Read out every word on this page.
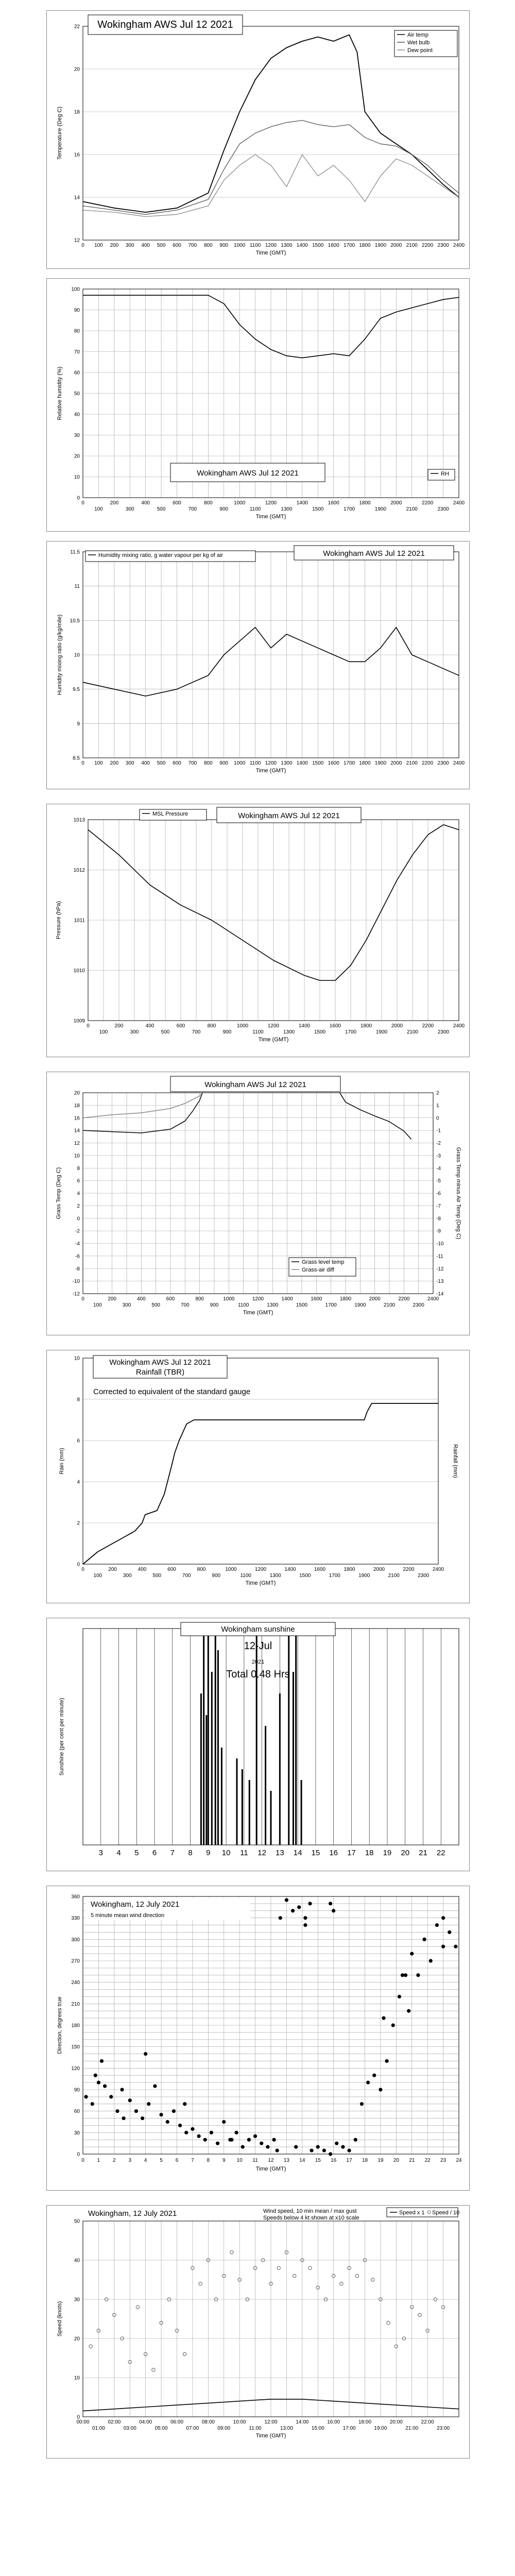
12
14
16
18
20
22
0 100 200 300 400 500 600 700 800 900 1000 1100 1200 1300 1400 1500 1600 1700 1800 1900 2000 2100 2200 2300 2400
Time (GMT)
Temperature (Deg C)
Wokingham AWS Jul 12 2021
Air temp
Wet bulb
Dew point
0
10
20
30
40
50
60
70
80
90
100
0	200	400	600	800	1000	1200	1400	1600	1800	2000	2200	2400
100	300	500	700	900	1100	1300	1500	1700	1900	2100	2300
Time (GMT)
Relative humidity (%)
Wokingham AWS Jul 12 2021	RH
8.5
9
9.5
10
10.5
11
11.5
0 100 200 300 400 500 600 700 800 900 1000 1100 1200 1300 1400 1500 1600 1700 1800 1900 2000 2100 2200 2300 2400
Time (GMT)
Humidity mixing ratio (g/kg/mile)
Humidity mixing ratio, g water vapour per kg of air	Wokingham AWS Jul 12 2021
1009
1010
1011
1012
1013
0	200	400	600	800	1000	1200	1400	1600	1800	2000	2200	2400
100	300	500	700	900	1100	1300	1500	1700	1900	2100	2300
Time (GMT)
Pressure (hPa)
MSL Pressure	Wokingham AWS Jul 12 2021
-12
-10
-8
-6
-4
-2
0
2
4
6
8
10
12
14
16
18
20
-14
-13
-12
-11
-10
-9
-8
-7
-6
-5
-4
-3
-2
-1
0
1
2
0	200	400	600	800	1000	1200	1400	1600	1800	2000	2200	2400
100	300	500	700	900	1100	1300	1500	1700	1900	2100	2300
Time (GMT)
Grass Temp (Deg C)	Grass Temp minus Air Temp (Deg C)
Wokingham AWS Jul 12 2021
Grass level temp
Grass-air diff
0
2
4
6
8
10
0	200	400	600	800	1000	1200	1400	1600	1800	2000	2200	2400
100	300	500	700	900	1100	1300	1500	1700	1900	2100	2300
Time (GMT)
Rain (mm)	Rainfall (mm)
Wokingham AWS Jul 12 2021
Rainfall (TBR)
Corrected to equivalent of the standard gauge
3 4 5 6 7 8 9 10 11 12 13 14 15 16 17 18 19 20 21 22
Sunshine (per cent per minute)
Wokingham sunshine
12-Jul
2021
Total 0.48 Hrs
0
30
60
90
120
150
180
210
240
270
300
330
360
0 1 2 3 4 5 6 7 8 9 10 11 12 13 14 15 16 17 18 19 20 21 22 23 24
Time (GMT)
Direction, degrees true
Wokingham, 12 July 2021
5 minute mean wind direction
0
10
20
30
40
50
00:00	02:00	04:00	06:00	08:00	10:00	12:00	14:00	16:00	18:00	20:00	22:00
01:00	03:00	05:00	07:00	09:00	11:00	13:00	15:00	17:00	19:00	21:00	23:00
Time (GMT)
Speed (knots)
Wokingham, 12 July 2021	Wind speed, 10 min mean / max gust
Speeds below 4 kt shown at x10 scale
Speed x 1 Speed / 10
